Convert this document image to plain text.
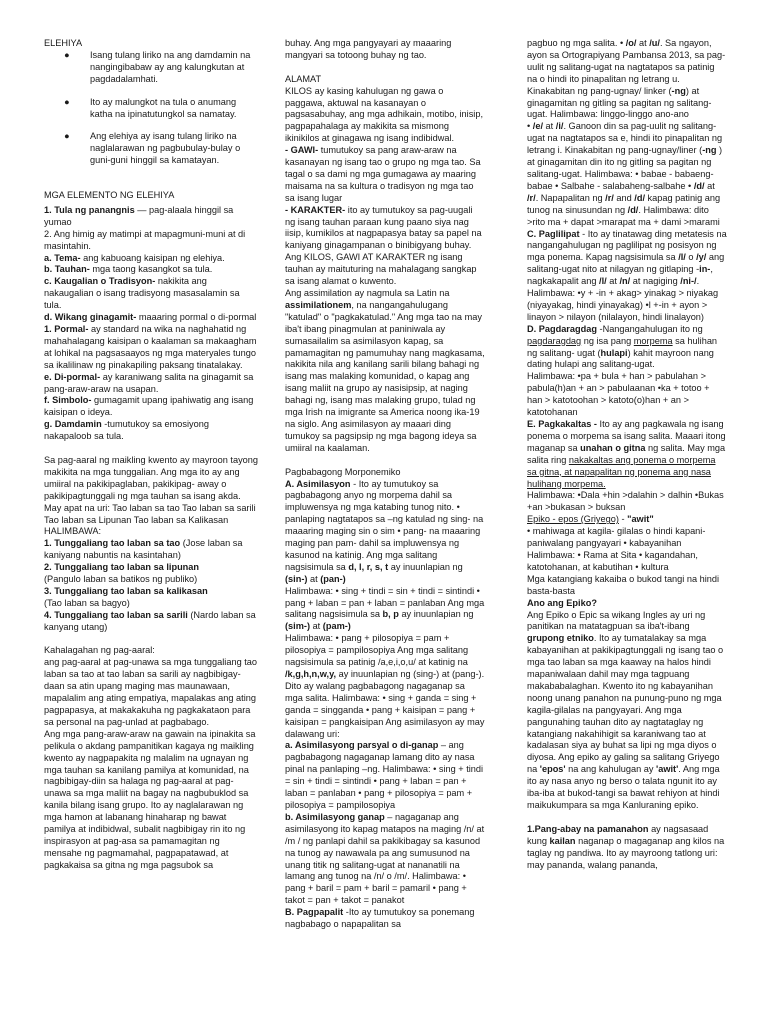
ELEHIYA

● Isang tulang liriko na ang damdamin na nangingibabaw ay ang kalungkutan at pagdadalamhati.
● Ito ay malungkot na tula o anumang katha na ipinatutungkol sa namatay.
● Ang elehiya ay isang tulang liriko na naglalarawan ng pagbubulay-bulay o guni-guni hinggil sa kamatayan.

MGA ELEMENTO NG ELEHIYA

1. Tula ng panangnis — pag-alaala hinggil sa yumao

2. Ang himig ay matimpi at mapagmuni-muni at di masintahin.

a. Tema- ang kabuoang kaisipan ng elehiya.

b. Tauhan- mga taong kasangkot sa tula.

c. Kaugalian o Tradisyon- nakikita ang nakaugalian o isang tradisyong masasalamin sa tula.

d. Wikang ginagamit- maaaring pormal o di-pormal

1. Pormal- ay standard na wika na naghahatid ng mahahalagang kaisipan o kaalaman sa makaagham at lohikal na pagsasaayos ng mga materyales tungo sa ikalilinaw ng pinakapiling paksang tinatalakay.

e. Di-pormal- ay karaniwang salita na ginagamit sa pang-araw-araw na usapan.

f. Simbolo- gumagamit upang ipahiwatig ang isang kaisipan o ideya.

g. Damdamin -tumutukoy sa emosiyong nakapaloob sa tula.

Sa pag-aaral ng maikling kwento ay mayroon tayong makikita na mga tunggalian. Ang mga ito ay ang umiiral na pakikipaglaban, pakikipag- away o pakikipagtunggali ng mga tauhan sa isang akda. May apat na uri: Tao laban sa tao Tao laban sa sarili Tao laban sa Lipunan Tao laban sa Kalikasan

HALIMBAWA:

1. Tunggaliang tao laban sa tao (Jose laban sa kaniyang nabuntis na kasintahan)

2. Tunggaliang tao laban sa lipunan
(Pangulo laban sa batikos ng publiko)

3. Tunggaliang tao laban sa kalikasan
(Tao laban sa bagyo)

4. Tunggaliang tao laban sa sarili (Nardo laban sa kanyang utang)

Kahalagahan ng pag-aaral:

ang pag-aaral at pag-unawa sa mga tunggaliang tao laban sa tao at tao laban sa sarili ay nagbibigay-daan sa atin upang maging mas maunawaan, mapalalim ang ating empatiya, mapalakas ang ating pagpapasya, at makakakuha ng pagkakataon para sa personal na pag-unlad at pagbabago.

Ang mga pang-araw-araw na gawain na ipinakita sa pelikula o akdang pampanitikan kagaya ng maikling kwento ay nagpapakita ng malalim na ugnayan ng mga tauhan sa kanilang pamilya at komunidad, na nagbibigay-diin sa halaga ng pag-aaral at pag-unawa sa mga maliit na bagay na nagbubuklod sa kanila bilang isang grupo. Ito ay naglalarawan ng mga hamon at labanang hinaharap ng bawat pamilya at indibidwal, subalit nagbibigay rin ito ng inspirasyon at pag-asa sa pamamagitan ng mensahe ng pagmamahal, pagpapatawad, at pagkakaisa sa gitna ng mga pagsubok sa

buhay. Ang mga pangyayari ay maaaring mangyari sa totoong buhay ng tao.

ALAMAT

KILOS ay kasing kahulugan ng gawa o paggawa, aktuwal na kasanayan o pagsasabuhay, ang mga adhikain, motibo, inisip, pagpapahalaga ay makikita sa mismong ikinikilos at ginagawa ng isang indibidwal.

- GAWI- tumutukoy sa pang araw-araw na kasanayan ng isang tao o grupo ng mga tao. Sa tagal o sa dami ng mga gumagawa ay maaring maisama na sa kultura o tradisyon ng mga tao sa isang lugar

- KARAKTER- ito ay tumutukoy sa pag-uugali ng isang tauhan paraan kung paano siya nag iisip, kumikilos at nagpapasya batay sa papel na kaniyang ginagampanan o binibigyang buhay.

Ang KILOS, GAWI AT KARAKTER ng isang tauhan ay maituturing na mahalagang sangkap sa isang alamat o kuwento.

Ang assimilation ay nagmula sa Latin na assimilationem, na nangangahulugang "katulad" o "pagkakatulad." Ang mga tao na may iba't ibang pinagmulan at paniniwala ay sumasailalim sa asimilasyon kapag, sa pamamagitan ng pamumuhay nang magkasama, nakikita nila ang kanilang sarili bilang bahagi ng isang mas malaking komunidad, o kapag ang isang maliit na grupo ay nasisipsip, at naging bahagi ng, isang mas malaking grupo, tulad ng mga Irish na imigrante sa America noong ika-19 na siglo. Ang asimilasyon ay maaari ding tumukoy sa pagsipsip ng mga bagong ideya sa umiiral na kaalaman.

Pagbabagong Morponemiko

A. Asimilasyon - Ito ay tumutukoy sa pagbabagong anyo ng morpema dahil sa impluwensya ng mga katabing tunog nito. • panlaping nagtatapos sa –ng katulad ng sing- na maaaring maging sin o sim • pang- na maaaring maging pan pam- dahil sa impluwensya ng kasunod na katinig. Ang mga salitang nagsisimula sa d, l, r, s, t ay inuunlapian ng (sin-) at (pan-)

Halimbawa: • sing + tindi = sin + tindi = sintindi • pang + laban = pan + laban = panlaban Ang mga salitang nagsisimula sa b, p ay inuunlapian ng (sim-) at (pam-)

Halimbawa: • pang + pilosopiya = pam + pilosopiya = pampilosopiya Ang mga salitang nagsisimula sa patinig /a,e,i,o,u/ at katinig na /k,g,h,n,w,y, ay inuunlapian ng (sing-) at (pang-). Dito ay walang pagbabagong nagaganap sa mga salita. Halimbawa: • sing + ganda = sing + ganda = singganda • pang + kaisipan = pang + kaisipan = pangkaisipan Ang asimilasyon ay may dalawang uri:

a. Asimilasyong parsyal o di-ganap – ang pagbabagong nagaganap lamang dito ay nasa pinal na panlaping –ng. Halimbawa: • sing + tindi = sin + tindi = sintindi • pang + laban = pan + laban = panlaban • pang + pilosopiya = pam + pilosopiya = pampilosopiya

b. Asimilasyong ganap – nagaganap ang asimilasyong ito kapag matapos na maging /n/ at /m / ng panlapi dahil sa pakikibagay sa kasunod na tunog ay nawawala pa ang sumusunod na unang titik ng salitang-ugat at nananatili na lamang ang tunog na /n/ o /m/. Halimbawa: • pang + baril = pam + baril = pamaril • pang + takot = pan + takot = panakot

B. Pagpapalit -Ito ay tumutukoy sa ponemang nagbabago o napapalitan sa

pagbuo ng mga salita. • /o/ at /u/. Sa ngayon, ayon sa Ortograpiyang Pambansa 2013, sa pag-uulit ng salitang-ugat na nagtatapos sa patinig na o hindi ito pinapalitan ng letrang u. Kinakabitan ng pang-ugnay/ linker (-ng) at ginagamitan ng gitling sa pagitan ng salitang-ugat. Halimbawa: linggo-linggo ano-ano

• /e/ at /i/. Ganoon din sa pag-uulit ng salitang-ugat na nagtatapos sa e, hindi ito pinapalitan ng letrang i. Kinakabitan ng pang-ugnay/liner (-ng ) at ginagamitan din ito ng gitling sa pagitan ng salitang-ugat. Halimbawa: • babae - babaeng-babae • Salbahe - salabaheng-salbahe • /d/ at /r/. Napapalitan ng /r/ and /d/ kapag patinig ang tunog na sinusundan ng /d/. Halimbawa: dito >rito ma + dapat >marapat ma + dami >marami

C. Paglilipat - Ito ay tinatawag ding metatesis na nangangahulugan ng paglilipat ng posisyon ng mga ponema. Kapag nagsisimula sa /l/ o /y/ ang salitang-ugat nito at nilagyan ng gitlaping -in-, nagkakapalit ang /l/ at /n/ at nagiging /ni-/.

Halimbawa: •y + -in + akag> yinakag > niyakag (niyayakag, hindi yinayakag) •l +-in + ayon > linayon > nilayon (nilalayon, hindi linalayon)

D. Pagdaragdag -Nangangahulugan ito ng pagdaragdag ng isa pang morpema sa hulihan ng salitang- ugat (hulapi) kahit mayroon nang dating hulapi ang salitang-ugat.

Halimbawa: •pa + bula + han > pabulahan > pabula(h)an + an > pabulaanan •ka + totoo + han > katotoohan > katoto(o)han + an > katotohanan

E. Pagkakaltas - Ito ay ang pagkawala ng isang ponema o morpema sa isang salita. Maaari itong maganap sa unahan o gitna ng salita. May mga salita ring nakakaltas ang ponema o morpema sa gitna, at napapalitan ng ponema ang nasa hulihang morpema.

Halimbawa: •Dala +hin >dalahin > dalhin •Bukas +an >bukasan > buksan

Epiko - epos (Griyego) - "awit"

• mahiwaga at kagila- gilalas o hindi kapani-paniwalang pangyayari • kabayanihan

Halimbawa: • Rama at Sita • kagandahan, katotohanan, at kabutihan • kultura

Mga katangiang kakaiba o bukod tangi na hindi basta-basta

Ano ang Epiko?

Ang Epiko o Epic sa wikang Ingles ay uri ng panitikan na matatagpuan sa iba't-ibang grupong etniko. Ito ay tumatalakay sa mga kabayanihan at pakikipagtunggali ng isang tao o mga tao laban sa mga kaaway na halos hindi mapaniwalaan dahil may mga tagpuang makababalaghan. Kwento ito ng kabayanihan noong unang panahon na punung-puno ng mga kagila-gilalas na pangyayari. Ang mga pangunahing tauhan dito ay nagtataglay ng katangiang nakahihigit sa karaniwang tao at kadalasan siya ay buhat sa lipi ng mga diyos o diyosa. Ang epiko ay galing sa salitang Griyego na 'epos' na ang kahulugan ay 'awit'. Ang mga ito ay nasa anyo ng berso o talata ngunit ito ay iba-iba at bukod-tangi sa bawat rehiyon at hindi maikukumpara sa mga Kanluraning epiko.

1.Pang-abay na pamanahon ay nagsasaad kung kailan naganap o magaganap ang kilos na taglay ng pandiwa. Ito ay mayroong tatlong uri: may pananda, walang pananda,
